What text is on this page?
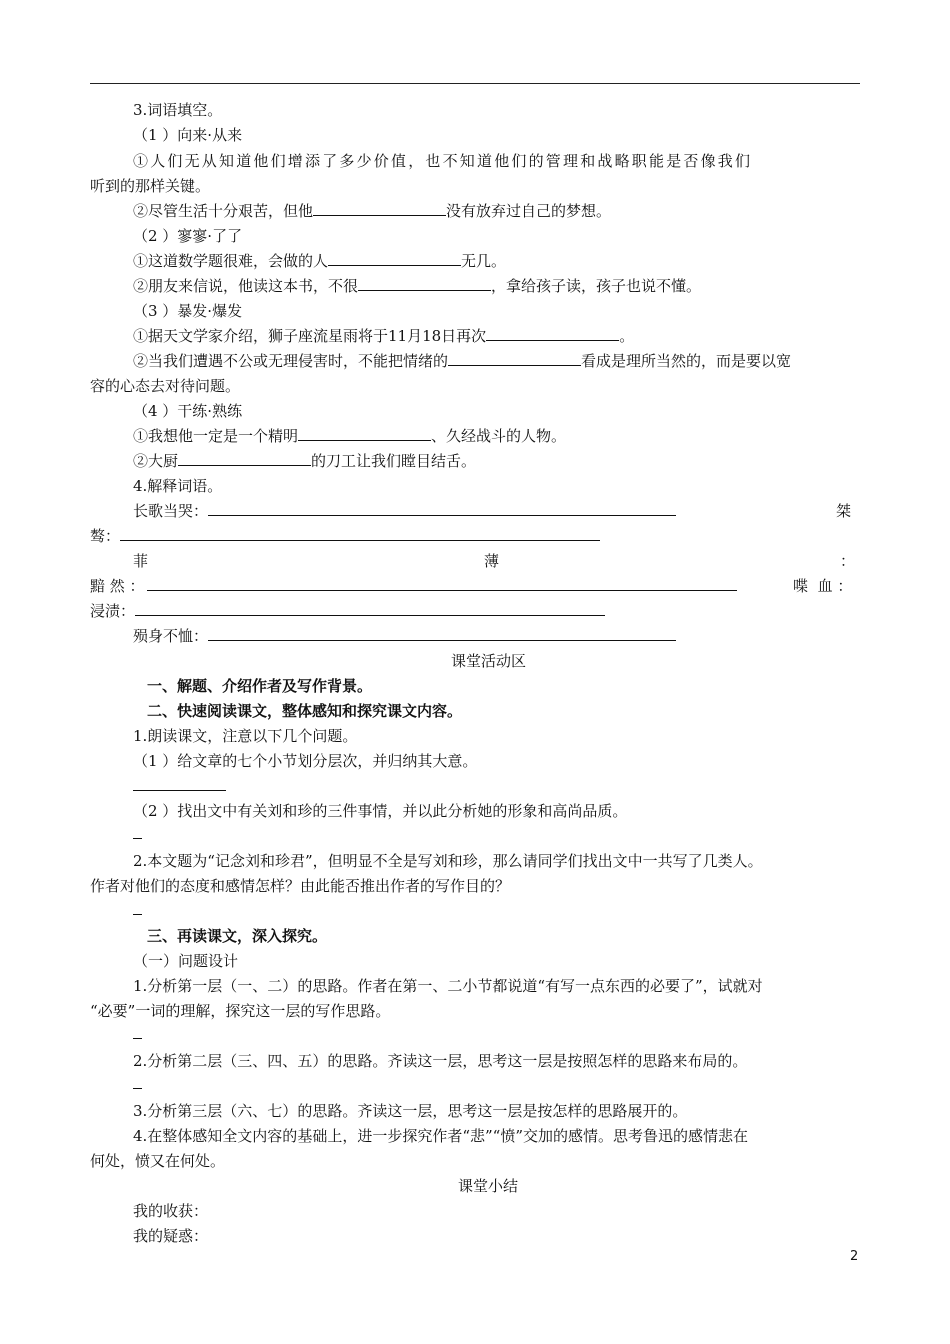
3.词语填空。
（1 ）向来·从来
①人们无从知道他们增添了多少价值，也不知道他们的管理和战略职能是否像我们
听到的那样关键。
②尽管生活十分艰苦，但他	没有放弃过自己的梦想。
（2 ）寥寥·了了
①这道数学题很难，会做的人	无几。
②朋友来信说，他读这本书，不很	，拿给孩子读，孩子也说不懂。
（3 ）暴发·爆发
①据天文学家介绍，狮子座流星雨将于11月18日再次	。
②当我们遭遇不公或无理侵害时，不能把情绪的	看成是理所当然的，而是要以宽
容的心态去对待问题。
（4 ）干练·熟练
①我想他一定是一个精明	、久经战斗的人物。
②大厨	的刀工让我们瞠目结舌。
4.解释词语。
长歌当哭：	桀
骜：
菲	薄	：
黯 然 ：	喋 血 ：
浸渍：
殒身不恤：
课堂活动区
一、解题、介绍作者及写作背景。
二、快速阅读课文，整体感知和探究课文内容。
1.朗读课文，注意以下几个问题。
（1 ）给文章的七个小节划分层次，并归纳其大意。
（2 ）找出文中有关刘和珍的三件事情，并以此分析她的形象和高尚品质。
2.本文题为“记念刘和珍君”，但明显不全是写刘和珍，那么请同学们找出文中一共写了几类人。
作者对他们的态度和感情怎样？由此能否推出作者的写作目的？
三、再读课文，深入探究。
（一）问题设计
1.分析第一层（一、二）的思路。作者在第一、二小节都说道“有写一点东西的必要了”，试就对
“必要”一词的理解，探究这一层的写作思路。
2.分析第二层（三、四、五）的思路。齐读这一层，思考这一层是按照怎样的思路来布局的。
3.分析第三层（六、七）的思路。齐读这一层，思考这一层是按怎样的思路展开的。
4.在整体感知全文内容的基础上，进一步探究作者“悲”“愤”交加的感情。思考鲁迅的感情悲在
何处，愤又在何处。
课堂小结
我的收获：
我的疑惑：
2
